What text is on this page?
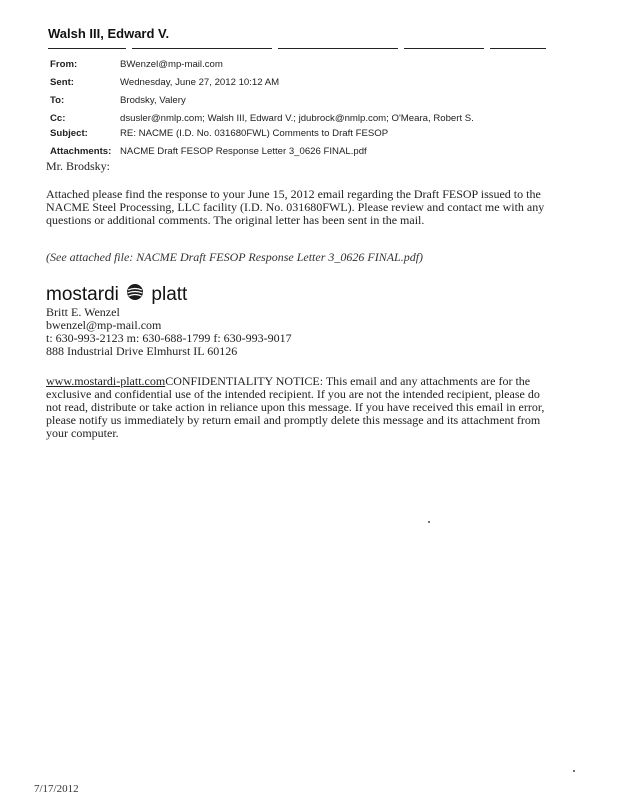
Walsh III, Edward V.
From:	BWenzel@mp-mail.com
Sent:	Wednesday, June 27, 2012 10:12 AM
To:	Brodsky, Valery
Cc:	dsusler@nmlp.com; Walsh III, Edward V.; jdubrock@nmlp.com; O'Meara, Robert S.
Subject:	RE: NACME (I.D. No. 031680FWL) Comments to Draft FESOP
Attachments: NACME Draft FESOP Response Letter 3_0626 FINAL.pdf
Mr. Brodsky:

Attached please find the response to your June 15, 2012 email regarding the Draft FESOP issued to the

NACME Steel Processing, LLC facility (I.D. No. 031680FWL). Please review and contact me with any

questions or additional comments. The original letter has been sent in the mail.

(See attached file: NACME Draft FESOP Response Letter 3_0626 FINAL.pdf)
mostardi platt
Britt E. Wenzel
bwenzel@mp-mail.com
t: 630-993-2123 m: 630-688-1799 f: 630-993-9017
888 Industrial Drive Elmhurst IL 60126
www.mostardi-platt.comCONFIDENTIALITY NOTICE: This email and any attachments are for the
exclusive and confidential use of the intended recipient. If you are not the intended recipient, please do
not read, distribute or take action in reliance upon this message. If you have received this email in error,
please notify us immediately by return email and promptly delete this message and its attachment from
your computer.
7/17/2012
